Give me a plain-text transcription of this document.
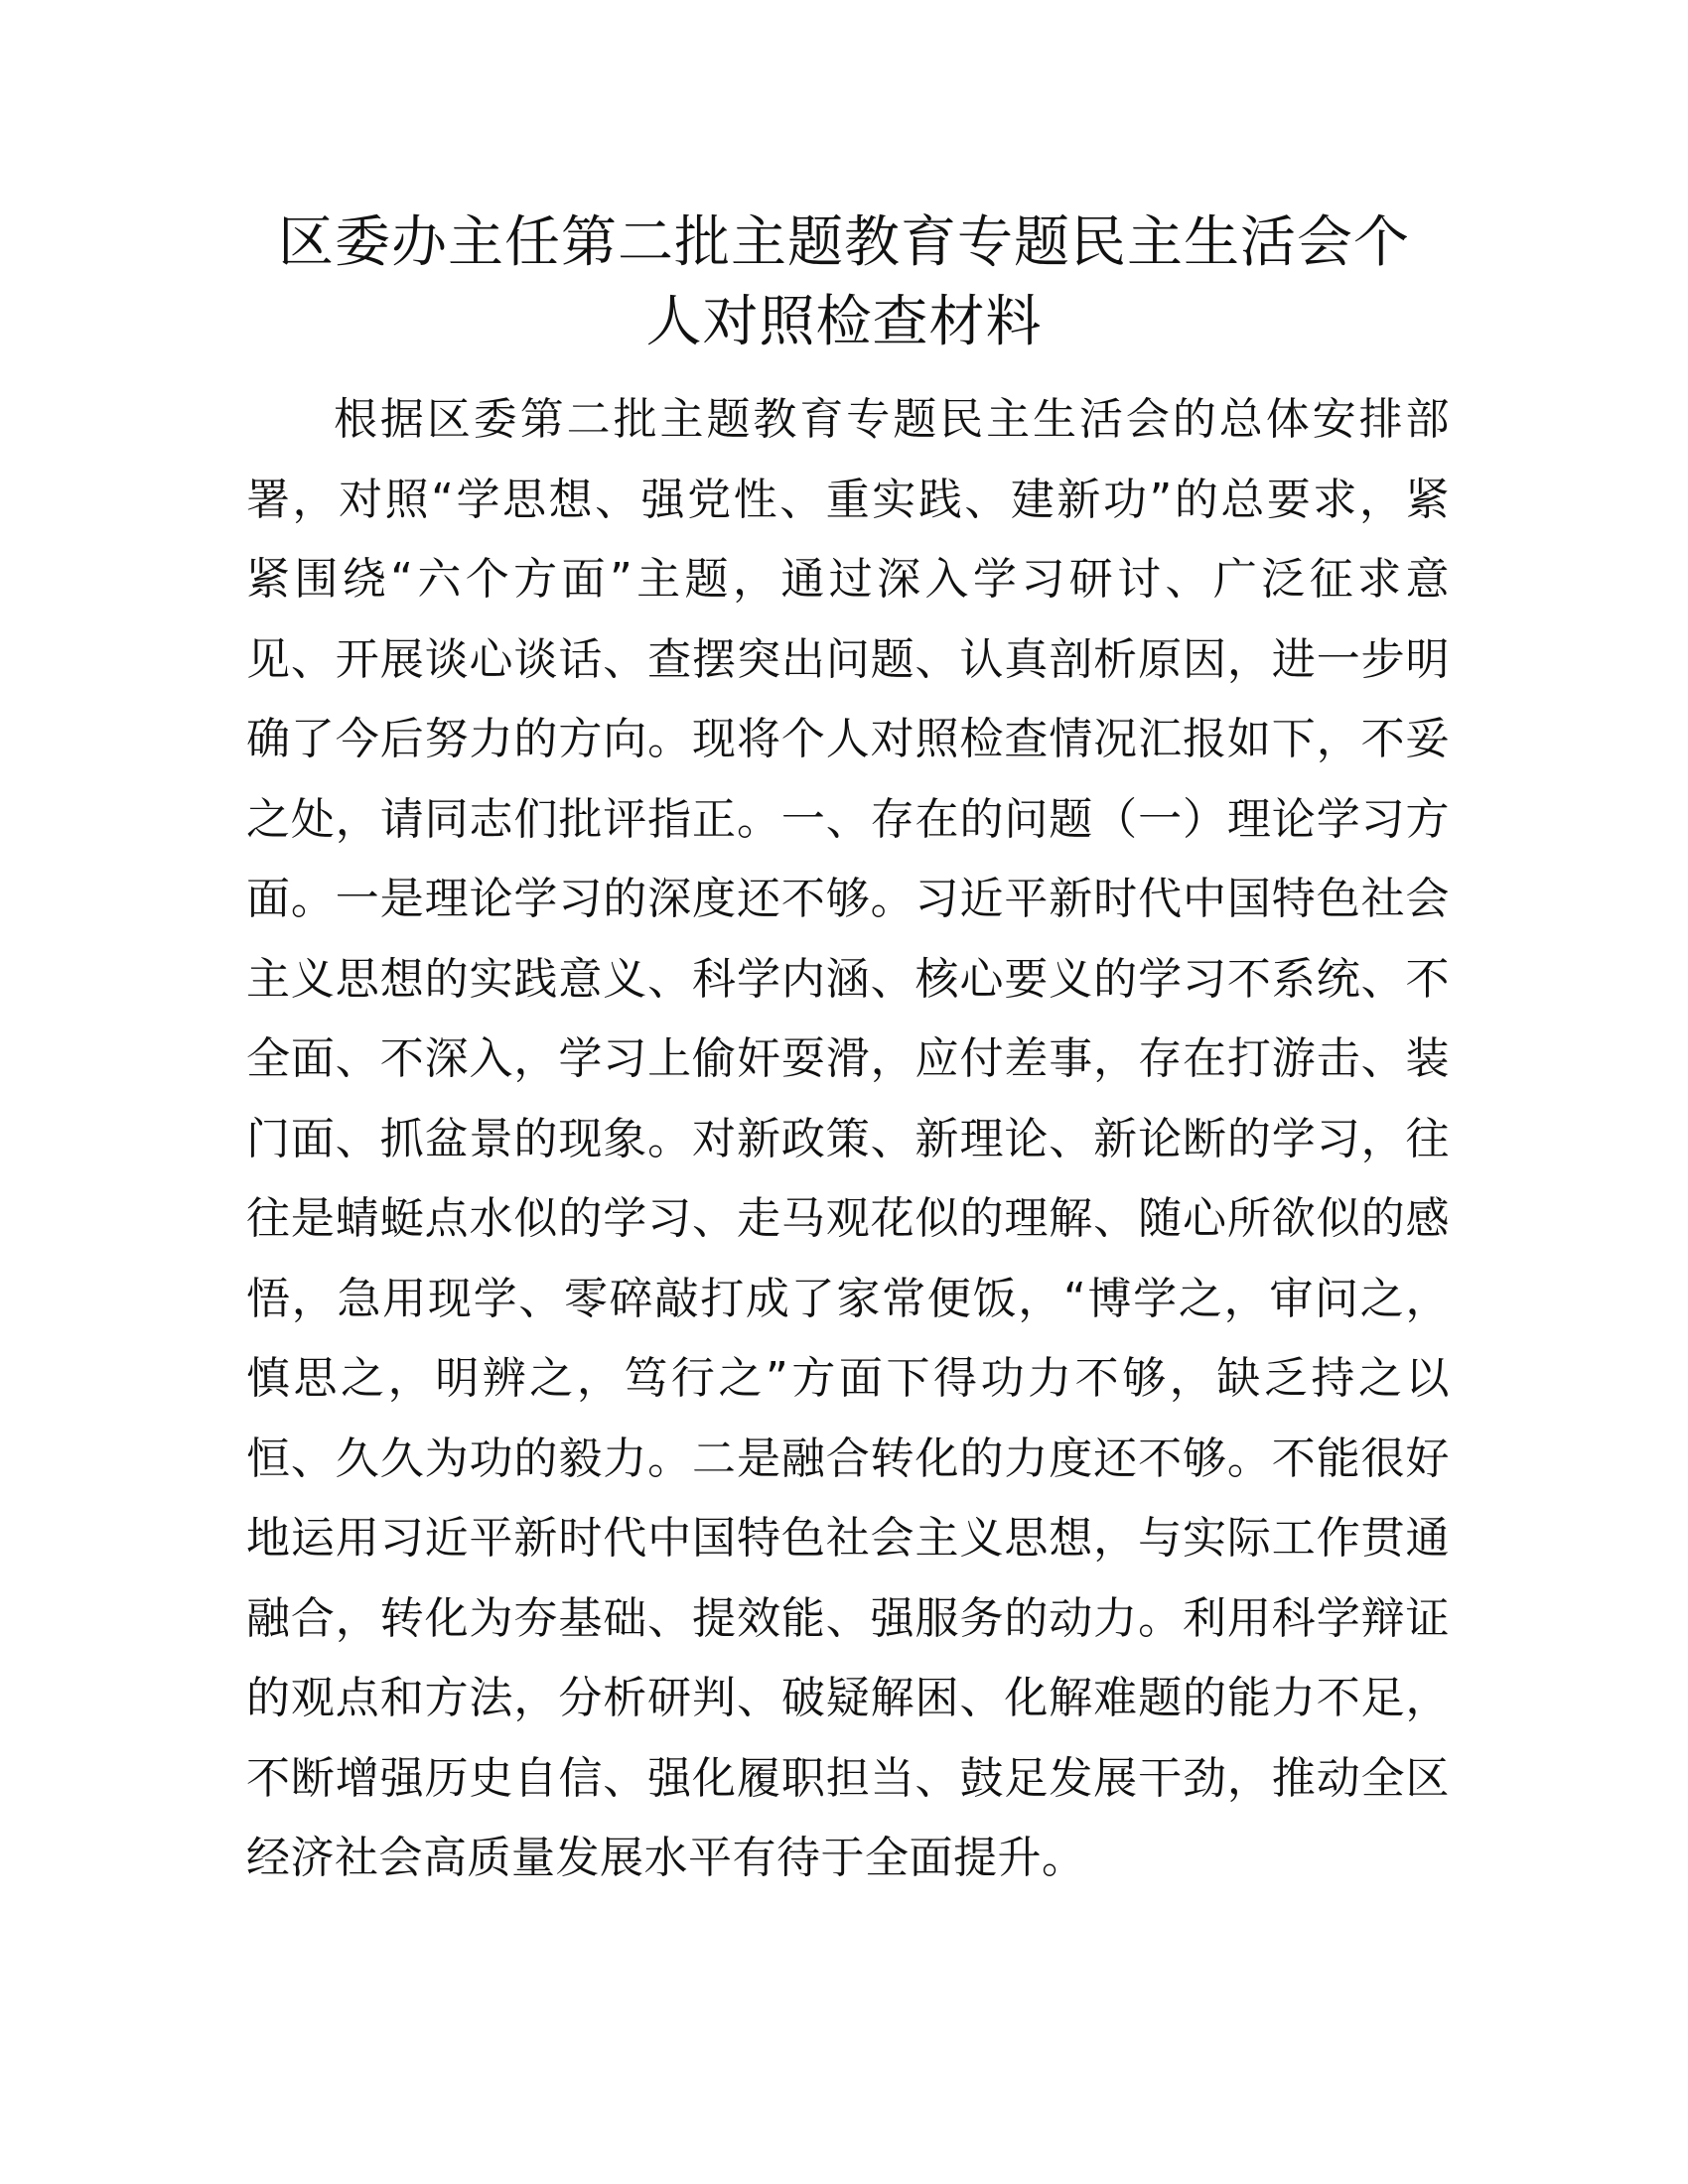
区委办主任第二批主题教育专题民主生活会个
人对照检查材料
根据区委第二批主题教育专题民主生活会的总体安排部
署，对照“学思想、强党性、重实践、建新功”的总要求，紧
紧围绕“六个方面”主题，通过深入学习研讨、广泛征求意
见、开展谈心谈话、查摆突出问题、认真剖析原因，进一步明
确了今后努力的方向。现将个人对照检查情况汇报如下，不妥
之处，请同志们批评指正。一、存在的问题（一）理论学习方
面。一是理论学习的深度还不够。习近平新时代中国特色社会
主义思想的实践意义、科学内涵、核心要义的学习不系统、不
全面、不深入，学习上偷奸耍滑，应付差事，存在打游击、装
门面、抓盆景的现象。对新政策、新理论、新论断的学习，往
往是蜻蜓点水似的学习、走马观花似的理解、随心所欲似的感
悟，急用现学、零碎敲打成了家常便饭，“博学之，审问之，
慎思之，明辨之，笃行之”方面下得功力不够，缺乏持之以
恒、久久为功的毅力。二是融合转化的力度还不够。不能很好
地运用习近平新时代中国特色社会主义思想，与实际工作贯通
融合，转化为夯基础、提效能、强服务的动力。利用科学辩证
的观点和方法，分析研判、破疑解困、化解难题的能力不足，
不断增强历史自信、强化履职担当、鼓足发展干劲，推动全区
经济社会高质量发展水平有待于全面提升。
